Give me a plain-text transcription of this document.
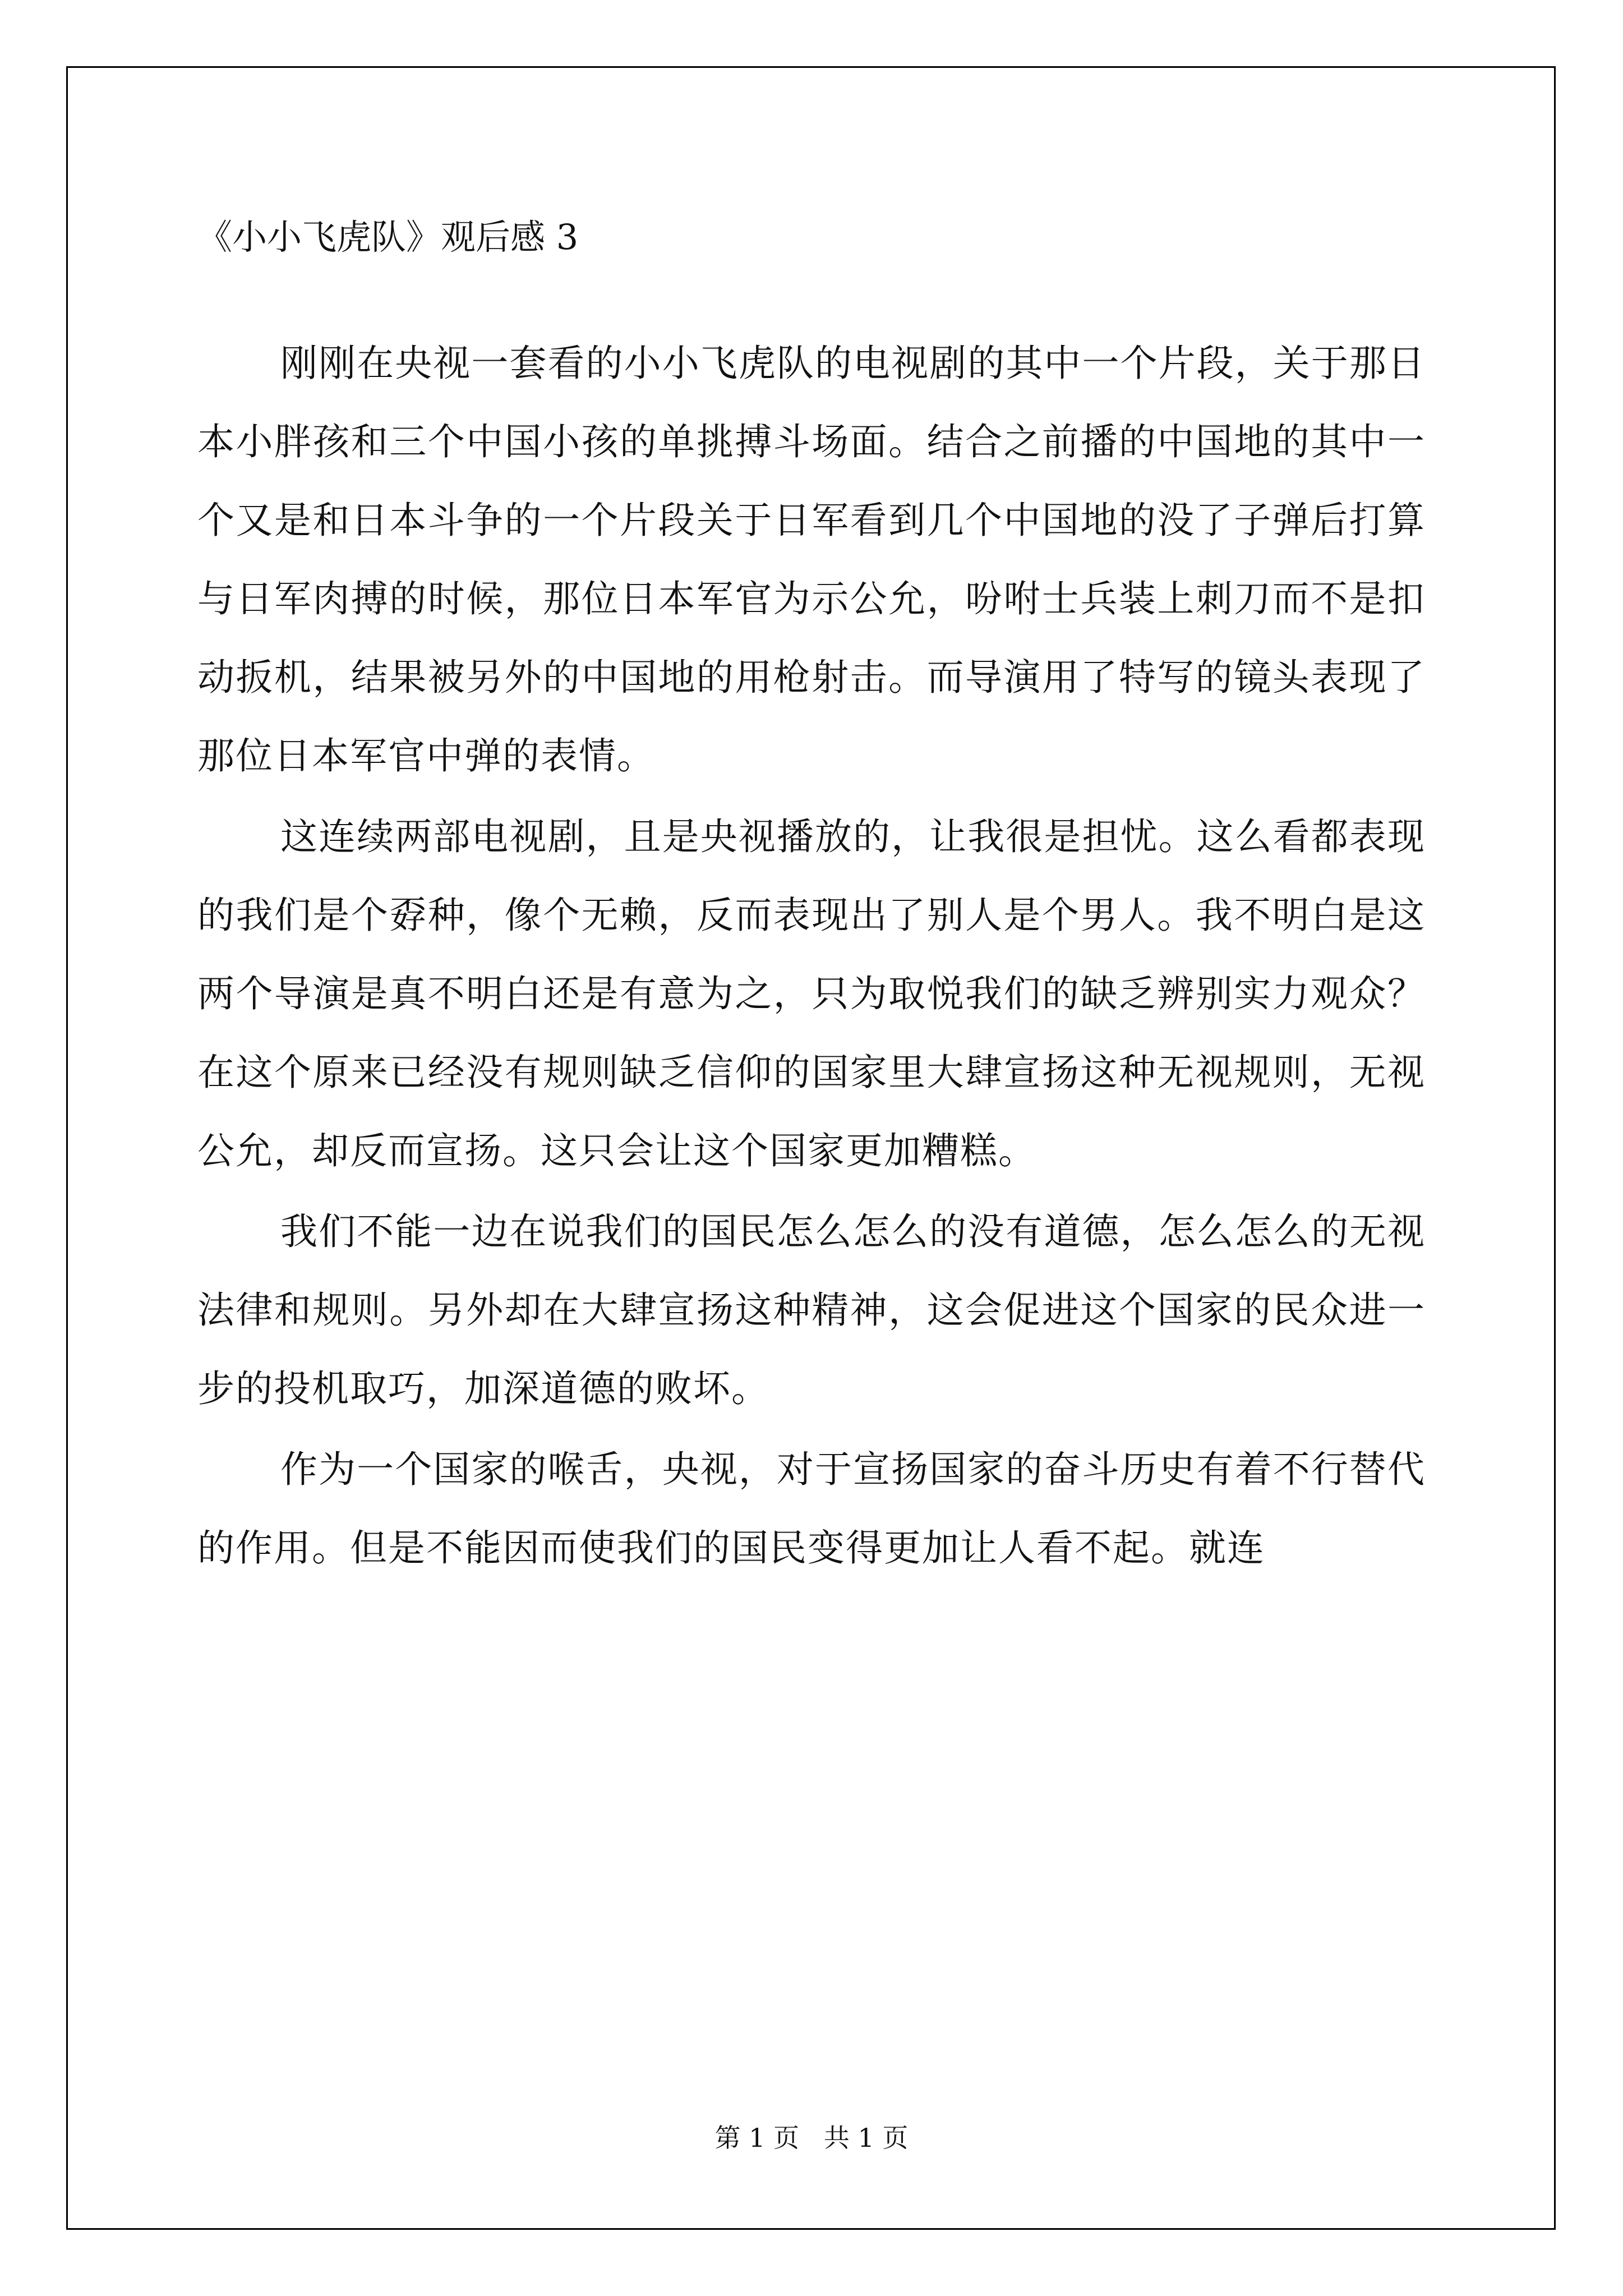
《小小飞虎队》观后感 3

刚刚在央视一套看的小小飞虎队的电视剧的其中一个片段，关于那日本小胖孩和三个中国小孩的单挑搏斗场面。结合之前播的中国地的其中一个又是和日本斗争的一个片段关于日军看到几个中国地的没了子弹后打算与日军肉搏的时候，那位日本军官为示公允，吩咐士兵装上刺刀而不是扣动扳机，结果被另外的中国地的用枪射击。而导演用了特写的镜头表现了那位日本军官中弹的表情。

这连续两部电视剧，且是央视播放的，让我很是担忧。这么看都表现的我们是个孬种，像个无赖，反而表现出了别人是个男人。我不明白是这两个导演是真不明白还是有意为之，只为取悦我们的缺乏辨别实力观众？在这个原来已经没有规则缺乏信仰的国家里大肆宣扬这种无视规则，无视公允，却反而宣扬。这只会让这个国家更加糟糕。

我们不能一边在说我们的国民怎么怎么的没有道德，怎么怎么的无视法律和规则。另外却在大肆宣扬这种精神，这会促进这个国家的民众进一步的投机取巧，加深道德的败坏。

作为一个国家的喉舌，央视，对于宣扬国家的奋斗历史有着不行替代的作用。但是不能因而使我们的国民变得更加让人看不起。就连

第 1 页   共 1 页
